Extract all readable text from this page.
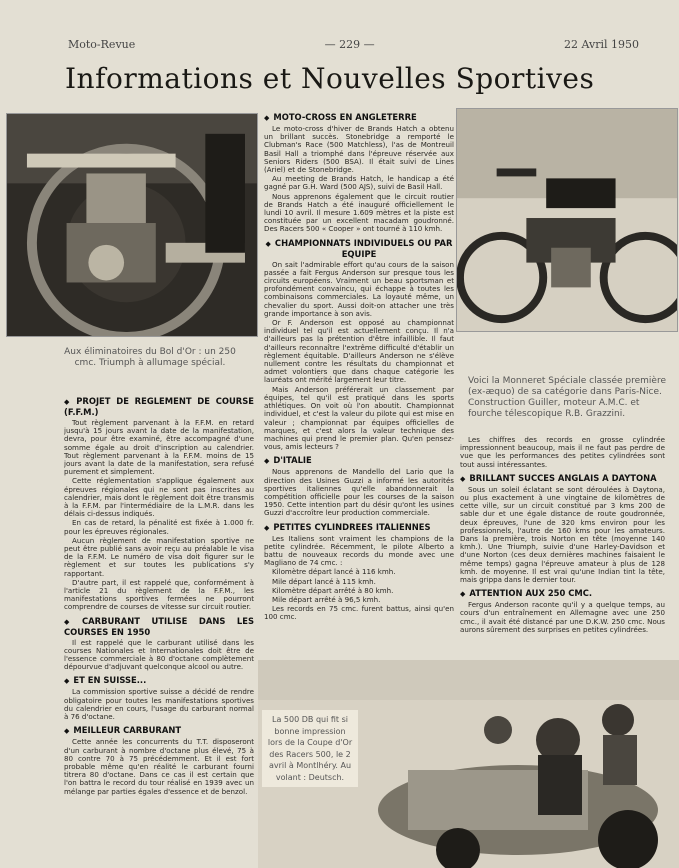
Moto-Revue	— 229 —	22 Avril 1950
Informations et Nouvelles Sportives
Aux éliminatoires du Bol d'Or : un 250 cmc. Triumph à allumage spécial.
Voici la Monneret Spéciale classée première (ex-æquo) de sa catégorie dans Paris-Nice. Construction Guiller, moteur A.M.C. et fourche télescopique R.B. Grazzini.
La 500 DB qui fit si bonne impression lors de la Coupe d'Or des Racers 500, le 2 avril à Montlhéry. Au volant : Deutsch.
◆ PROJET DE REGLEMENT DE COURSE (F.F.M.)

Tout règlement parvenant à la F.F.M. en retard jusqu'à 15 jours avant la date de la manifestation, devra, pour être examiné, être accompagné d'une somme égale au droit d'inscription au calendrier. Tout règlement parvenant à la F.F.M. moins de 15 jours avant la date de la manifestation, sera refusé purement et simplement.

Cette réglementation s'applique également aux épreuves régionales qui ne sont pas inscrites au calendrier, mais dont le règlement doit être transmis à la F.F.M. par l'intermédiaire de la L.M.R. dans les délais ci-dessus indiqués.

En cas de retard, la pénalité est fixée à 1.000 fr. pour les épreuves régionales.

Aucun règlement de manifestation sportive ne peut être publié sans avoir reçu au préalable le visa de la F.F.M. Le numéro de visa doit figurer sur le règlement et sur toutes les publications s'y rapportant.

D'autre part, il est rappelé que, conformément à l'article 21 du règlement de la F.F.M., les manifestations sportives fermées ne pourront comprendre de courses de vitesse sur circuit routier.

◆ CARBURANT UTILISE DANS LES COURSES EN 1950

Il est rappelé que le carburant utilisé dans les courses Nationales et Internationales doit être de l'essence commerciale à 80 d'octane complètement dépourvue d'adjuvant quelconque alcool ou autre.

◆ ET EN SUISSE...

La commission sportive suisse a décidé de rendre obligatoire pour toutes les manifestations sportives du calendrier en cours, l'usage du carburant normal à 76 d'octane.

◆ MEILLEUR CARBURANT

Cette année les concurrents du T.T. disposeront d'un carburant à nombre d'octane plus élevé, 75 à 80 contre 70 à 75 précédemment. Et il est fort probable même qu'en réalité le carburant fourni titrera 80 d'octane. Dans ce cas il est certain que l'on battra le record du tour réalisé en 1939 avec un mélange par parties égales d'essence et de benzol.

◆ MOTO-CROSS EN ANGLETERRE

Le moto-cross d'hiver de Brands Hatch a obtenu un brillant succès. Stonebridge a remporté le Clubman's Race (500 Matchless), l'as de Montreuil Basil Hall a triomphé dans l'épreuve réservée aux Seniors Riders (500 BSA). Il était suivi de Lines (Ariel) et de Stonebridge.

Au meeting de Brands Hatch, le handicap a été gagné par G.H. Ward (500 AJS), suivi de Basil Hall.

Nous apprenons également que le circuit routier de Brands Hatch a été inauguré officiellement le lundi 10 avril. Il mesure 1.609 mètres et la piste est constituée par un excellent macadam goudronné. Des Racers 500 « Cooper » ont tourné à 110 kmh.

◆ CHAMPIONNATS INDIVIDUELS OU PAR EQUIPE

On sait l'admirable effort qu'au cours de la saison passée a fait Fergus Anderson sur presque tous les circuits européens. Vraiment un beau sportsman et profondément convaincu, qui échappe à toutes les combinaisons commerciales. La loyauté même, un chevalier du sport. Aussi doit-on attacher une très grande importance à son avis.

Or F. Anderson est opposé au championnat individuel tel qu'il est actuellement conçu. Il n'a d'ailleurs pas la prétention d'être infaillible. Il faut d'ailleurs reconnaître l'extrême difficulté d'établir un règlement équitable. D'ailleurs Anderson ne s'élève nullement contre les résultats du championnat et admet volontiers que dans chaque catégorie les lauréats ont mérité largement leur titre.

Mais Anderson préférerait un classement par équipes, tel qu'il est pratiqué dans les sports athlétiques. On voit où l'on aboutit. Championnat individuel, et c'est la valeur du pilote qui est mise en valeur ; championnat par équipes officielles de marques, et c'est alors la valeur technique des machines qui prend le premier plan. Qu'en pensez-vous, amis lecteurs ?

◆ D'ITALIE

Nous apprenons de Mandello del Lario que la direction des Usines Guzzi a informé les autorités sportives italiennes qu'elle abandonnerait la compétition officielle pour les courses de la saison 1950. Cette intention part du désir qu'ont les usines Guzzi d'accroître leur production commerciale.

◆ PETITES CYLINDREES ITALIENNES

Les Italiens sont vraiment les champions de la petite cylindrée. Récemment, le pilote Alberto a battu de nouveaux records du monde avec une Magliano de 74 cmc. :

Kilomètre départ lancé à 116 kmh.

Mile départ lancé à 115 kmh.

Kilomètre départ arrêté à 80 kmh.

Mile départ arrêté à 96,5 kmh.

Les records en 75 cmc. furent battus, ainsi qu'en 100 cmc.

Les chiffres des records en grosse cylindrée impressionnent beaucoup, mais il ne faut pas perdre de vue que les performances des petites cylindrées sont tout aussi intéressantes.

◆ BRILLANT SUCCES ANGLAIS A DAYTONA

Sous un soleil éclatant se sont déroulées à Daytona, ou plus exactement à une vingtaine de kilomètres de cette ville, sur un circuit constitué par 3 kms 200 de sable dur et une égale distance de route goudronnée, deux épreuves, l'une de 320 kms environ pour les professionnels, l'autre de 160 kms pour les amateurs. Dans la première, trois Norton en tête (moyenne 140 kmh.). Une Triumph, suivie d'une Harley-Davidson et d'une Norton (ces deux dernières machines faisaient le même temps) gagna l'épreuve amateur à plus de 128 kmh. de moyenne. Il est vrai qu'une Indian tint la tête, mais grippa dans le dernier tour.

◆ ATTENTION AUX 250 CMC.

Fergus Anderson raconte qu'il y a quelque temps, au cours d'un entraînement en Allemagne avec une 250 cmc., il avait été distancé par une D.K.W. 250 cmc. Nous aurons sûrement des surprises en petites cylindrées.
